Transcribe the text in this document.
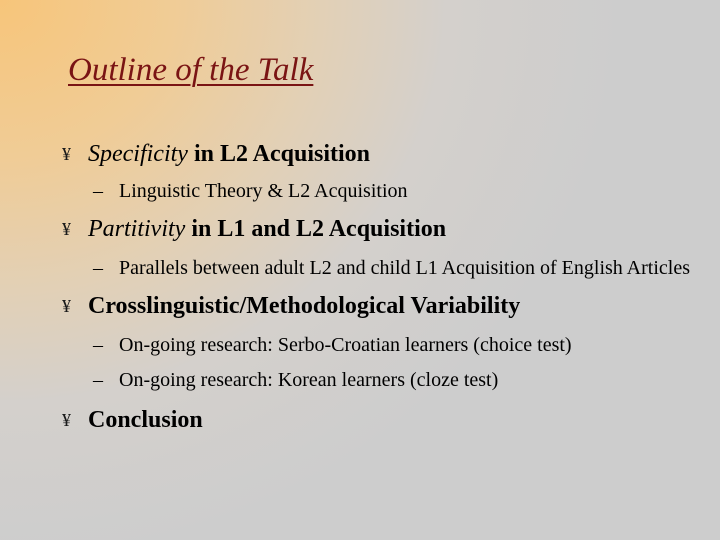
Outline of the Talk
¥ Specificity in L2 Acquisition
– Linguistic Theory & L2 Acquisition
¥ Partitivity in L1 and L2 Acquisition
– Parallels between adult L2 and child L1 Acquisition of English Articles
¥ Crosslinguistic/Methodological Variability
– On-going research: Serbo-Croatian learners (choice test)
– On-going research: Korean learners (cloze test)
¥ Conclusion
